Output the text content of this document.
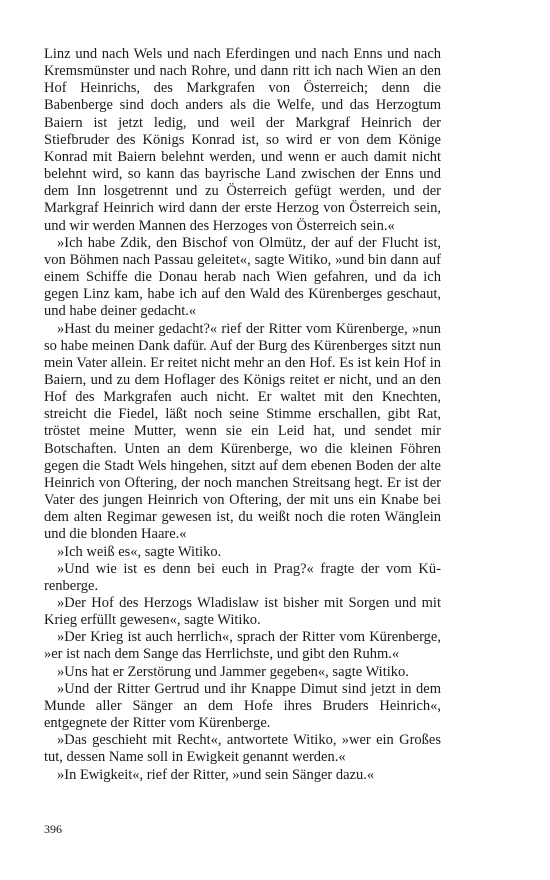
Linz und nach Wels und nach Eferdingen und nach Enns und nach Kremsmünster und nach Rohre, und dann ritt ich nach Wien an den Hof Heinrichs, des Markgrafen von Österreich; denn die Babenberge sind doch anders als die Welfe, und das Herzogtum Baiern ist jetzt ledig, und weil der Markgraf Heinrich der Stiefbruder des Königs Konrad ist, so wird er von dem Könige Konrad mit Baiern belehnt werden, und wenn er auch damit nicht belehnt wird, so kann das bayrische Land zwischen der Enns und dem Inn losgetrennt und zu Österreich gefügt werden, und der Markgraf Heinrich wird dann der erste Herzog von Österreich sein, und wir werden Mannen des Herzoges von Österreich sein.«

»Ich habe Zdik, den Bischof von Olmütz, der auf der Flucht ist, von Böhmen nach Passau geleitet«, sagte Witiko, »und bin dann auf einem Schiffe die Donau herab nach Wien gefahren, und da ich gegen Linz kam, habe ich auf den Wald des Kürenberges geschaut, und habe deiner gedacht.«

»Hast du meiner gedacht?« rief der Ritter vom Kürenberge, »nun so habe meinen Dank dafür. Auf der Burg des Kürenberges sitzt nun mein Vater allein. Er reitet nicht mehr an den Hof. Es ist kein Hof in Baiern, und zu dem Hoflager des Königs reitet er nicht, und an den Hof des Markgrafen auch nicht. Er waltet mit den Knechten, streicht die Fiedel, läßt noch seine Stimme erschallen, gibt Rat, tröstet meine Mutter, wenn sie ein Leid hat, und sendet mir Botschaften. Unten an dem Kürenberge, wo die kleinen Föhren gegen die Stadt Wels hingehen, sitzt auf dem ebenen Boden der alte Heinrich von Oftering, der noch manchen Streitsang hegt. Er ist der Vater des jungen Heinrich von Oftering, der mit uns ein Knabe bei dem alten Regimar gewesen ist, du weißt noch die roten Wänglein und die blonden Haare.«

»Ich weiß es«, sagte Witiko.

»Und wie ist es denn bei euch in Prag?« fragte der vom Kürenberge.

»Der Hof des Herzogs Wladislaw ist bisher mit Sorgen und mit Krieg erfüllt gewesen«, sagte Witiko.

»Der Krieg ist auch herrlich«, sprach der Ritter vom Kürenberge, »er ist nach dem Sange das Herrlichste, und gibt den Ruhm.«

»Uns hat er Zerstörung und Jammer gegeben«, sagte Witiko.

»Und der Ritter Gertrud und ihr Knappe Dimut sind jetzt in dem Munde aller Sänger an dem Hofe ihres Bruders Heinrich«, entgegnete der Ritter vom Kürenberge.

»Das geschieht mit Recht«, antwortete Witiko, »wer ein Großes tut, dessen Name soll in Ewigkeit genannt werden.«

»In Ewigkeit«, rief der Ritter, »und sein Sänger dazu.«

396
